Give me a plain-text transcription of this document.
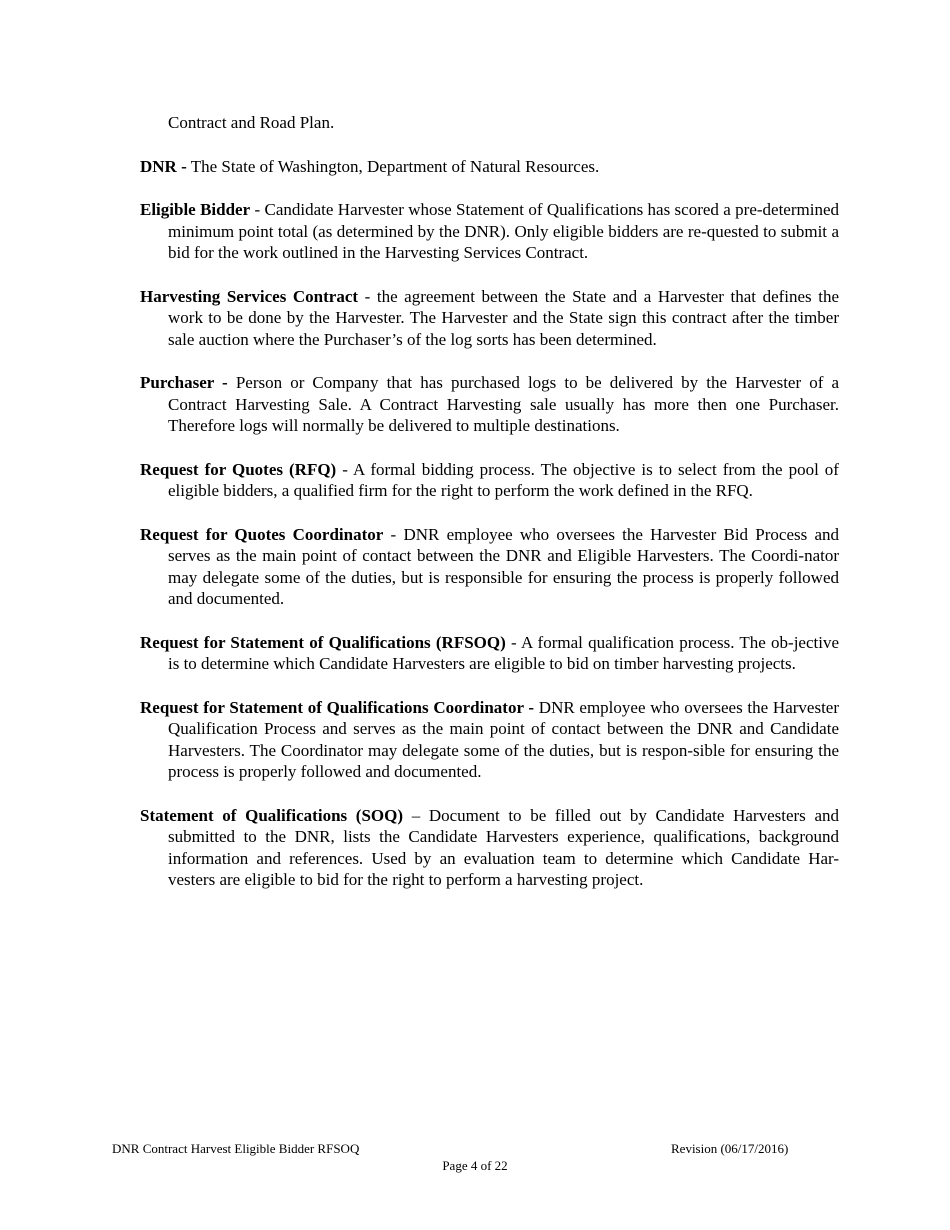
Contract and Road Plan.

DNR - The State of Washington, Department of Natural Resources.

Eligible Bidder - Candidate Harvester whose Statement of Qualifications has scored a pre-determined minimum point total (as determined by the DNR). Only eligible bidders are re-quested to submit a bid for the work outlined in the Harvesting Services Contract.

Harvesting Services Contract - the agreement between the State and a Harvester that defines the work to be done by the Harvester. The Harvester and the State sign this contract after the timber sale auction where the Purchaser’s of the log sorts has been determined.

Purchaser - Person or Company that has purchased logs to be delivered by the Harvester of a Contract Harvesting Sale. A Contract Harvesting sale usually has more then one Purchaser. Therefore logs will normally be delivered to multiple destinations.

Request for Quotes (RFQ) - A formal bidding process. The objective is to select from the pool of eligible bidders, a qualified firm for the right to perform the work defined in the RFQ.

Request for Quotes Coordinator - DNR employee who oversees the Harvester Bid Process and serves as the main point of contact between the DNR and Eligible Harvesters. The Coordi-nator may delegate some of the duties, but is responsible for ensuring the process is properly followed and documented.

Request for Statement of Qualifications (RFSOQ) - A formal qualification process. The ob-jective is to determine which Candidate Harvesters are eligible to bid on timber harvesting projects.

Request for Statement of Qualifications Coordinator - DNR employee who oversees the Harvester Qualification Process and serves as the main point of contact between the DNR and Candidate Harvesters. The Coordinator may delegate some of the duties, but is respon-sible for ensuring the process is properly followed and documented.

Statement of Qualifications (SOQ) – Document to be filled out by Candidate Harvesters and submitted to the DNR, lists the Candidate Harvesters experience, qualifications, background information and references. Used by an evaluation team to determine which Candidate Har-vesters are eligible to bid for the right to perform a harvesting project.

DNR Contract Harvest Eligible Bidder RFSOQ	Revision (06/17/2016)
Page 4 of 22
